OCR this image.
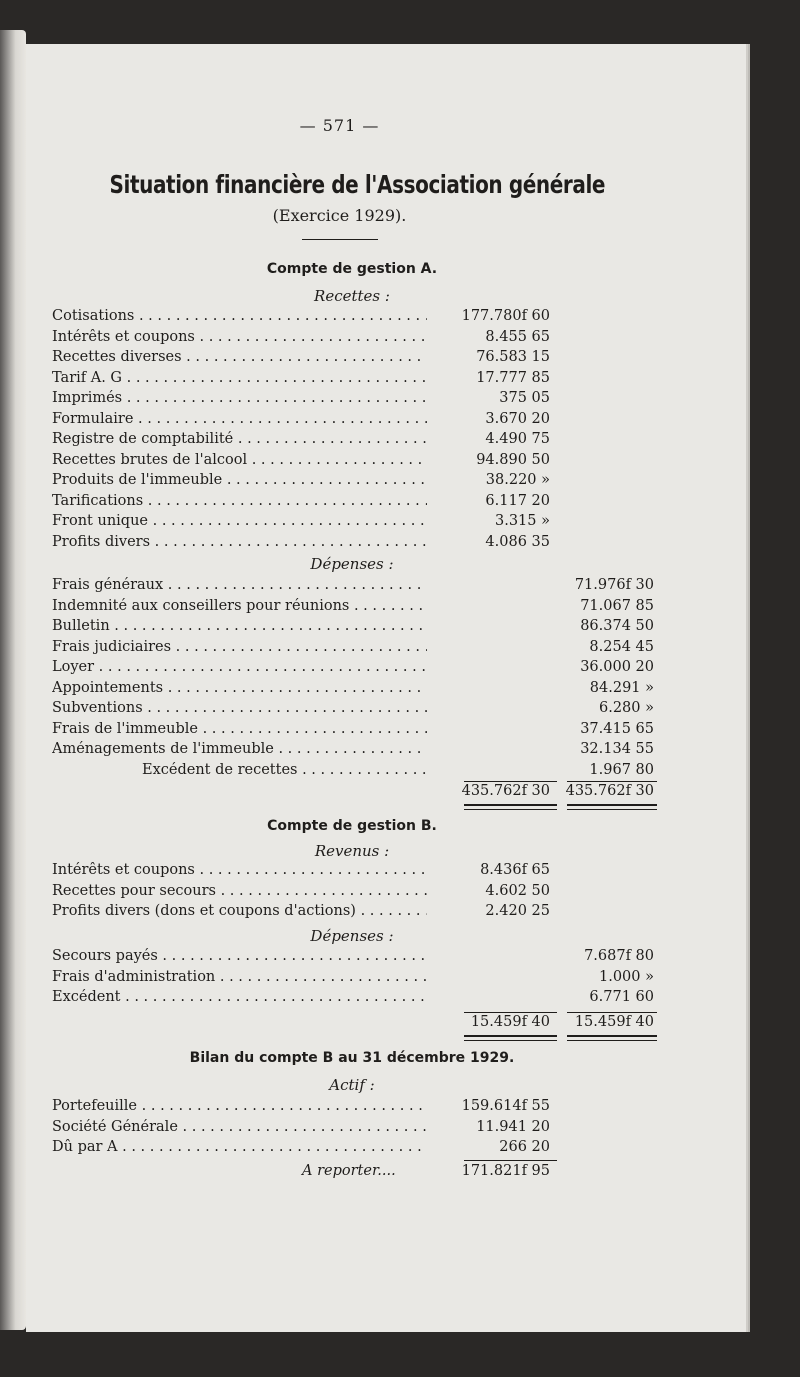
— 571 —
Situation financière de l'Association générale
(Exercice 1929).
Compte de gestion A.
Recettes :
Cotisations . . .	177.780f 60
Intérêts et coupons . . .	8.455 65
Recettes diverses . . .	76.583 15
Tarif A. G . . .	17.777 85
Imprimés . . .	375 05
Formulaire . . .	3.670 20
Registre de comptabilité . . .	4.490 75
Recettes brutes de l'alcool . . .	94.890 50
Produits de l'immeuble . . .	38.220 »
Tarifications . . .	6.117 20
Front unique . . .	3.315 »
Profits divers . . .	4.086 35
Dépenses :
Frais généraux . . .	71.976f 30
Indemnité aux conseillers pour réunions . . .	71.067 85
Bulletin . . .	86.374 50
Frais judiciaires . . .	8.254 45
Loyer . . .	36.000 20
Appointements . . .	84.291 »
Subventions . . .	6.280 »
Frais de l'immeuble . . .	37.415 65
Aménagements de l'immeuble . . .	32.134 55
Excédent de recettes . . .	1.967 80
435.762f 30 435.762f 30
Compte de gestion B.
Revenus :
Intérêts et coupons . . .	8.436f 65
Recettes pour secours . . .	4.602 50
Profits divers (dons et coupons d'actions) . . .	2.420 25
Dépenses :
Secours payés . . .	7.687f 80
Frais d'administration . . .	1.000 »
Excédent . . .	6.771 60
15.459f 40 15.459f 40
Bilan du compte B au 31 décembre 1929.
Actif :
Portefeuille . . .	159.614f 55
Société Générale . . .	11.941 20
Dû par A . . .	266 20
A reporter....	171.821f 95
